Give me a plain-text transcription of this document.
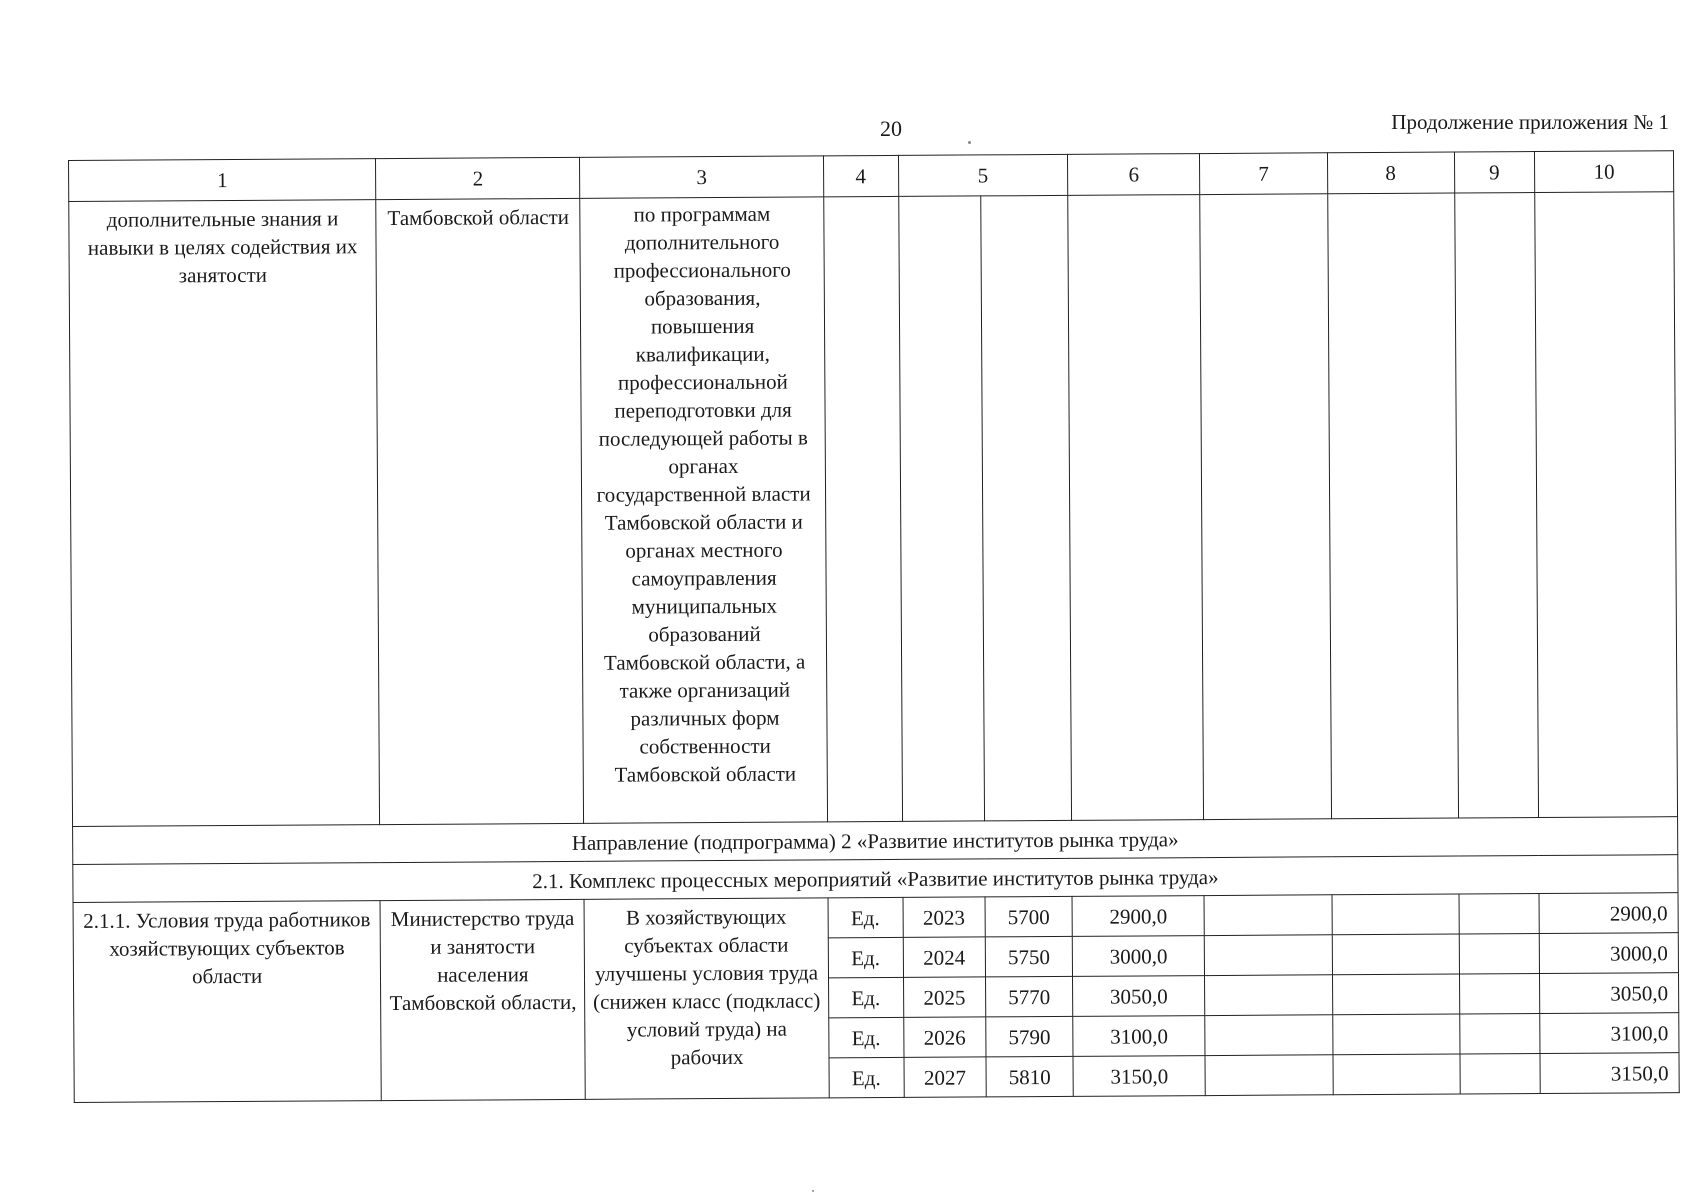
20	Продолжение приложения № 1
1	2	3	4	5		6	7	8	9	10
дополнительные знания и навыки в целях содействия их занятости	Тамбовской области	по программам дополнительного профессионального образования, повышения квалификации, профессиональной переподготовки для последующей работы в органах государственной власти Тамбовской области и органах местного самоуправления муниципальных образований Тамбовской области, а также организаций различных форм собственности Тамбовской области								
Направление (подпрограмма) 2 «Развитие институтов рынка труда»										
2.1. Комплекс процессных мероприятий «Развитие институтов рынка труда»										
2.1.1. Условия труда работников хозяйствующих субъектов области	Министерство труда и занятости населения Тамбовской области,	В хозяйствующих субъектах области улучшены условия труда (снижен класс (подкласс) условий труда) на рабочих	Ед.	2023	5700	2900,0				2900,0
			Ед.	2024	5750	3000,0				3000,0
			Ед.	2025	5770	3050,0				3050,0
			Ед.	2026	5790	3100,0				3100,0
			Ед.	2027	5810	3150,0				3150,0
